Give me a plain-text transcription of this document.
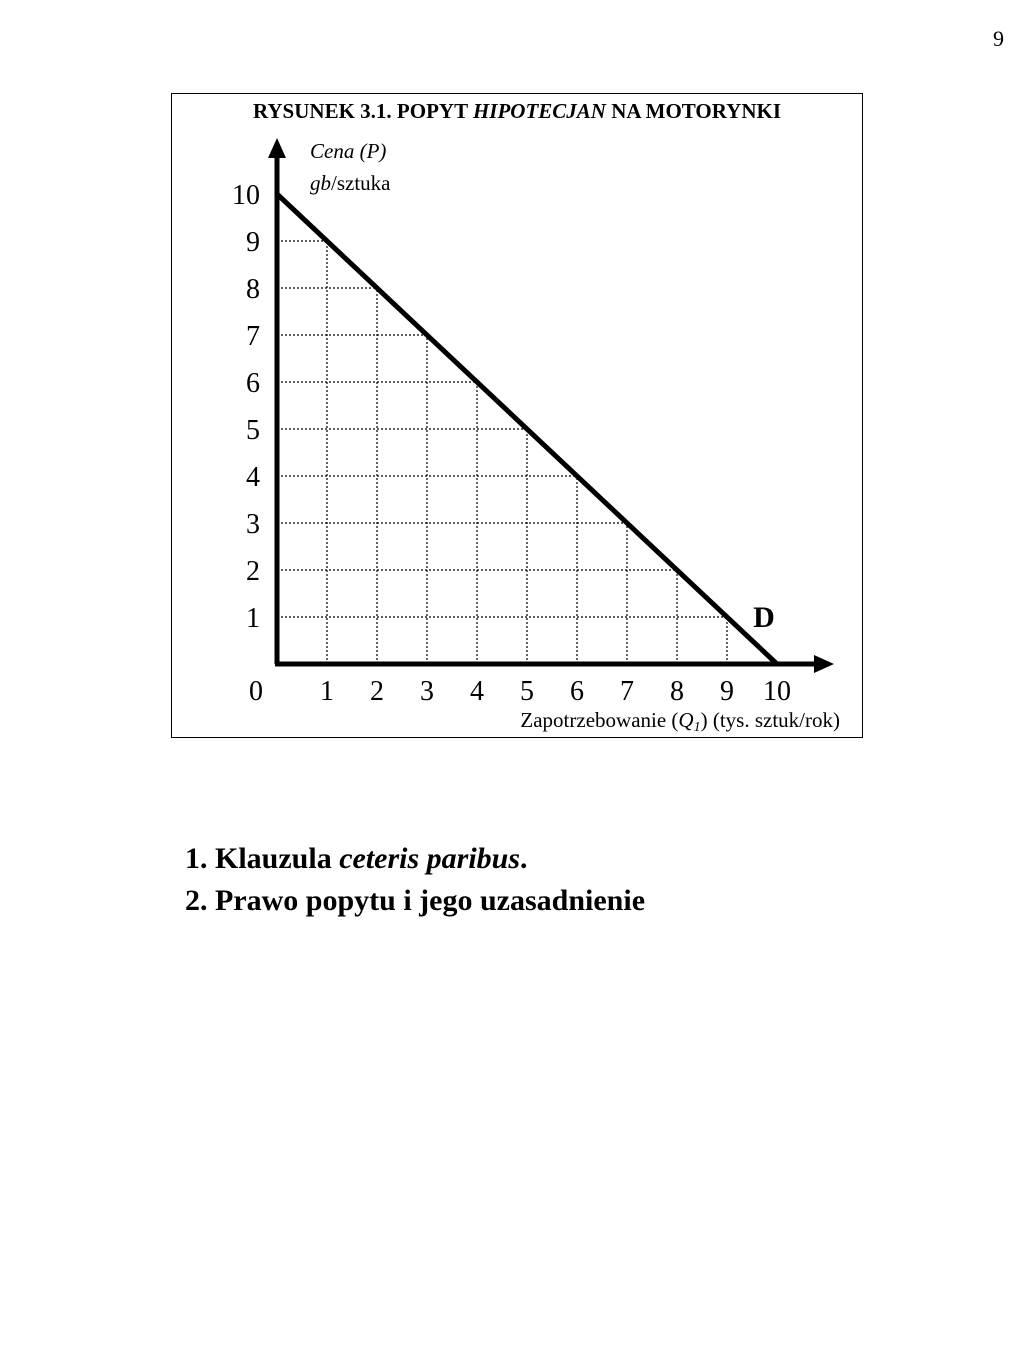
9
RYSUNEK 3.1. POPYT HIPOTECJAN NA MOTORYNKI
Cena (P)
gb/sztuka
1
2
3
4
5
6
7
8
9
10
0 1 2 3 4 5 6 7 8 9 10
D
Zapotrzebowanie $(Q_1)$ (tys. sztuk/rok)
1. Klauzula ceteris paribus.
2. Prawo popytu i jego uzasadnienie
